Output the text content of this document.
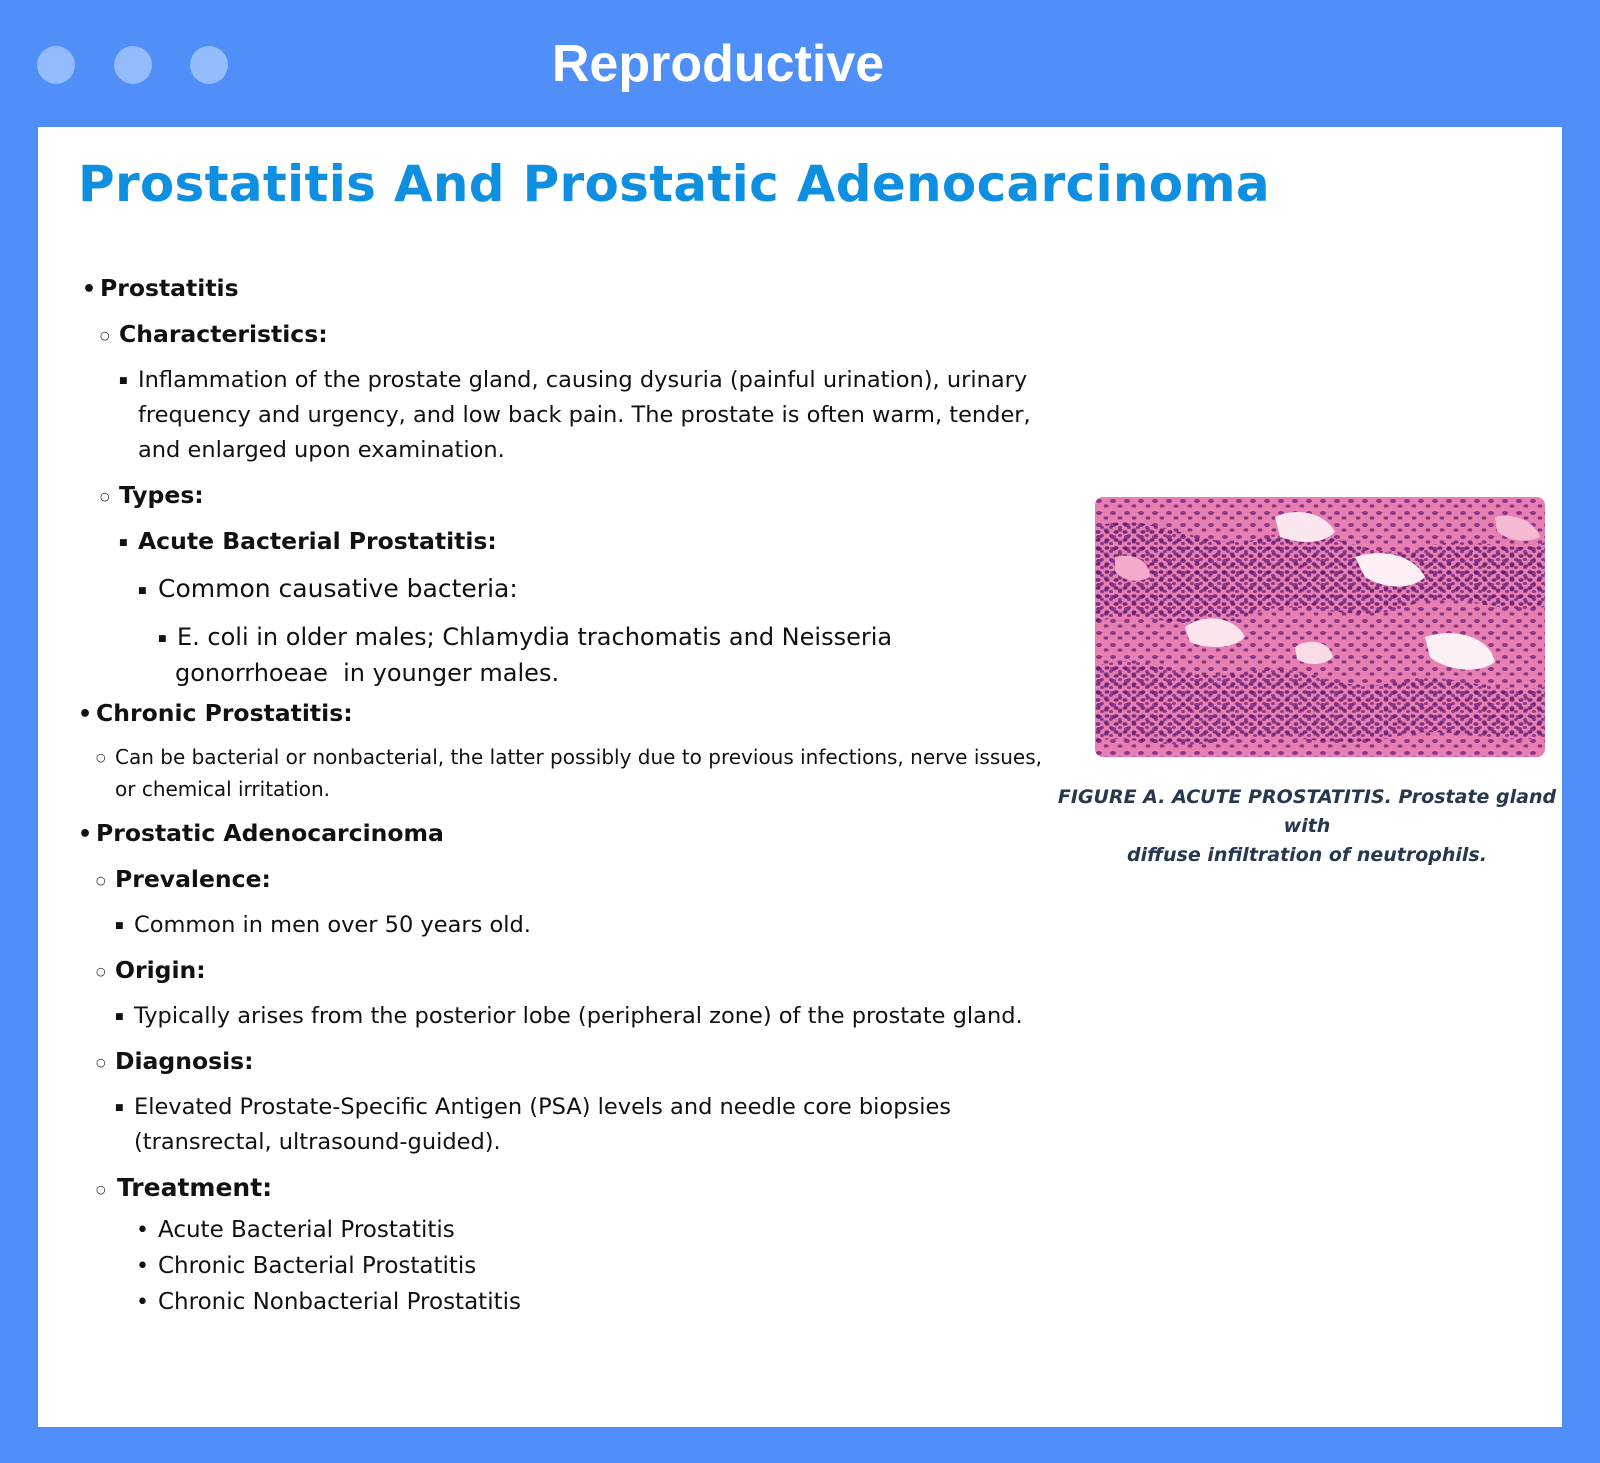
Reproductive
Prostatitis And Prostatic Adenocarcinoma
•
Prostatitis
○
Characteristics:
■
Inflammation of the prostate gland, causing dysuria (painful urination), urinary
frequency and urgency, and low back pain. The prostate is often warm, tender,
and enlarged upon examination.
○
Types:
■
Acute Bacterial Prostatitis:
■
Common causative bacteria:
■
E. coli in older males; Chlamydia trachomatis and Neisseria
gonorrhoeae in younger males.
•
Chronic Prostatitis:
○
Can be bacterial or nonbacterial, the latter possibly due to previous infections, nerve issues,
or chemical irritation.
•
Prostatic Adenocarcinoma
○
Prevalence:
■
Common in men over 50 years old.
○
Origin:
■
Typically arises from the posterior lobe (peripheral zone) of the prostate gland.
○
Diagnosis:
■
Elevated Prostate-Specific Antigen (PSA) levels and needle core biopsies
(transrectal, ultrasound-guided).
○
Treatment:
•
Acute Bacterial Prostatitis
•
Chronic Bacterial Prostatitis
•
Chronic Nonbacterial Prostatitis
FIGURE A. ACUTE PROSTATITIS. Prostate gland with
diffuse infiltration of neutrophils.
